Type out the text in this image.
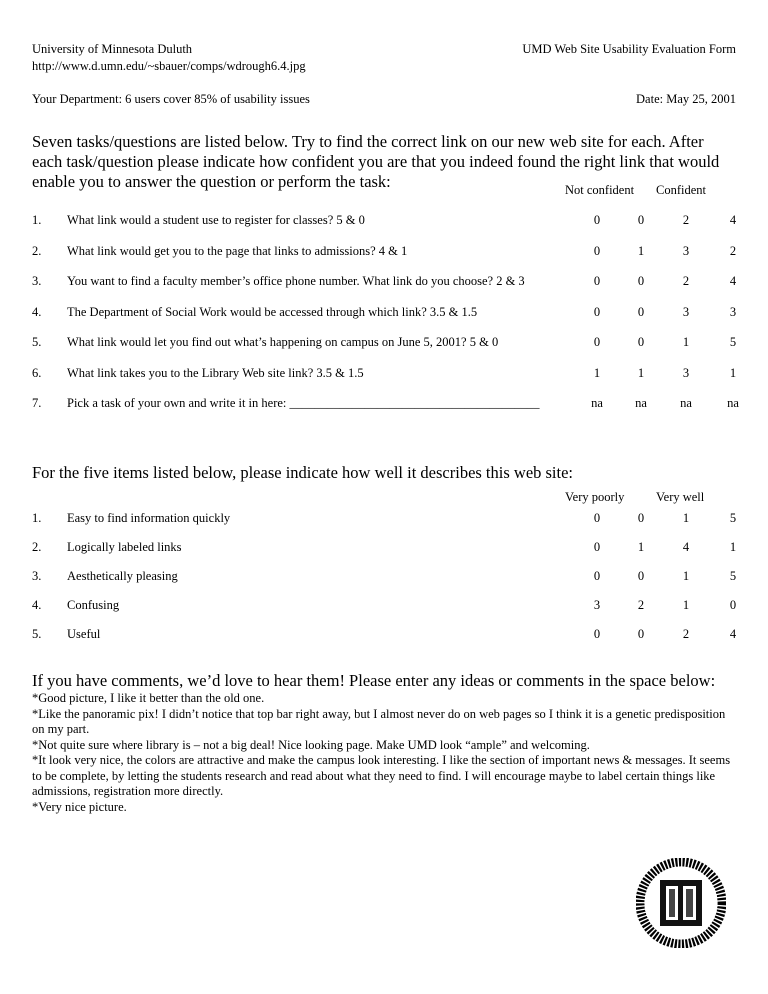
University of Minnesota Duluth
http://www.d.umn.edu/~sbauer/comps/wdrough6.4.jpg
UMD Web Site Usability Evaluation Form
Your Department: 6 users cover 85% of usability issues	Date: May 25, 2001
Seven tasks/questions are listed below. Try to find the correct link on our new web site for each. After each task/question please indicate how confident you are that you indeed found the right link that would enable you to answer the question or perform the task:	Not confident Confident
1. What link would a student use to register for classes? 5 & 0	0	0	2	4
2. What link would get you to the page that links to admissions? 4 & 1	0	1	3	2
3. You want to find a faculty member’s office phone number. What link do you choose? 2 & 3	0	0	2	4
4. The Department of Social Work would be accessed through which link? 3.5 & 1.5	0	0	3	3
5. What link would let you find out what’s happening on campus on June 5, 2001? 5 & 0	0	0	1	5
6. What link takes you to the Library Web site link? 3.5 & 1.5	1	1	3	1
7. Pick a task of your own and write it in here: ________________________________________	na	na	na	na
For the five items listed below, please indicate how well it describes this web site:
Very poorly	Very well
1. Easy to find information quickly	0	0	1	5
2. Logically labeled links	0	1	4	1
3. Aesthetically pleasing	0	0	1	5
4. Confusing	3	2	1	0
5. Useful	0	0	2	4
If you have comments, we’d love to hear them! Please enter any ideas or comments in the space below:

*Good picture, I like it better than the old one.

*Like the panoramic pix! I didn’t notice that top bar right away, but I almost never do on web pages so I think it is a genetic predisposition on my part.

*Not quite sure where library is – not a big deal! Nice looking page. Make UMD look “ample” and welcoming.

*It look very nice, the colors are attractive and make the campus look interesting. I like the section of important news & messages. It seems to be complete, by letting the students research and read about what they need to find. I will encourage maybe to label certain things like admissions, registration more directly.

*Very nice picture.
